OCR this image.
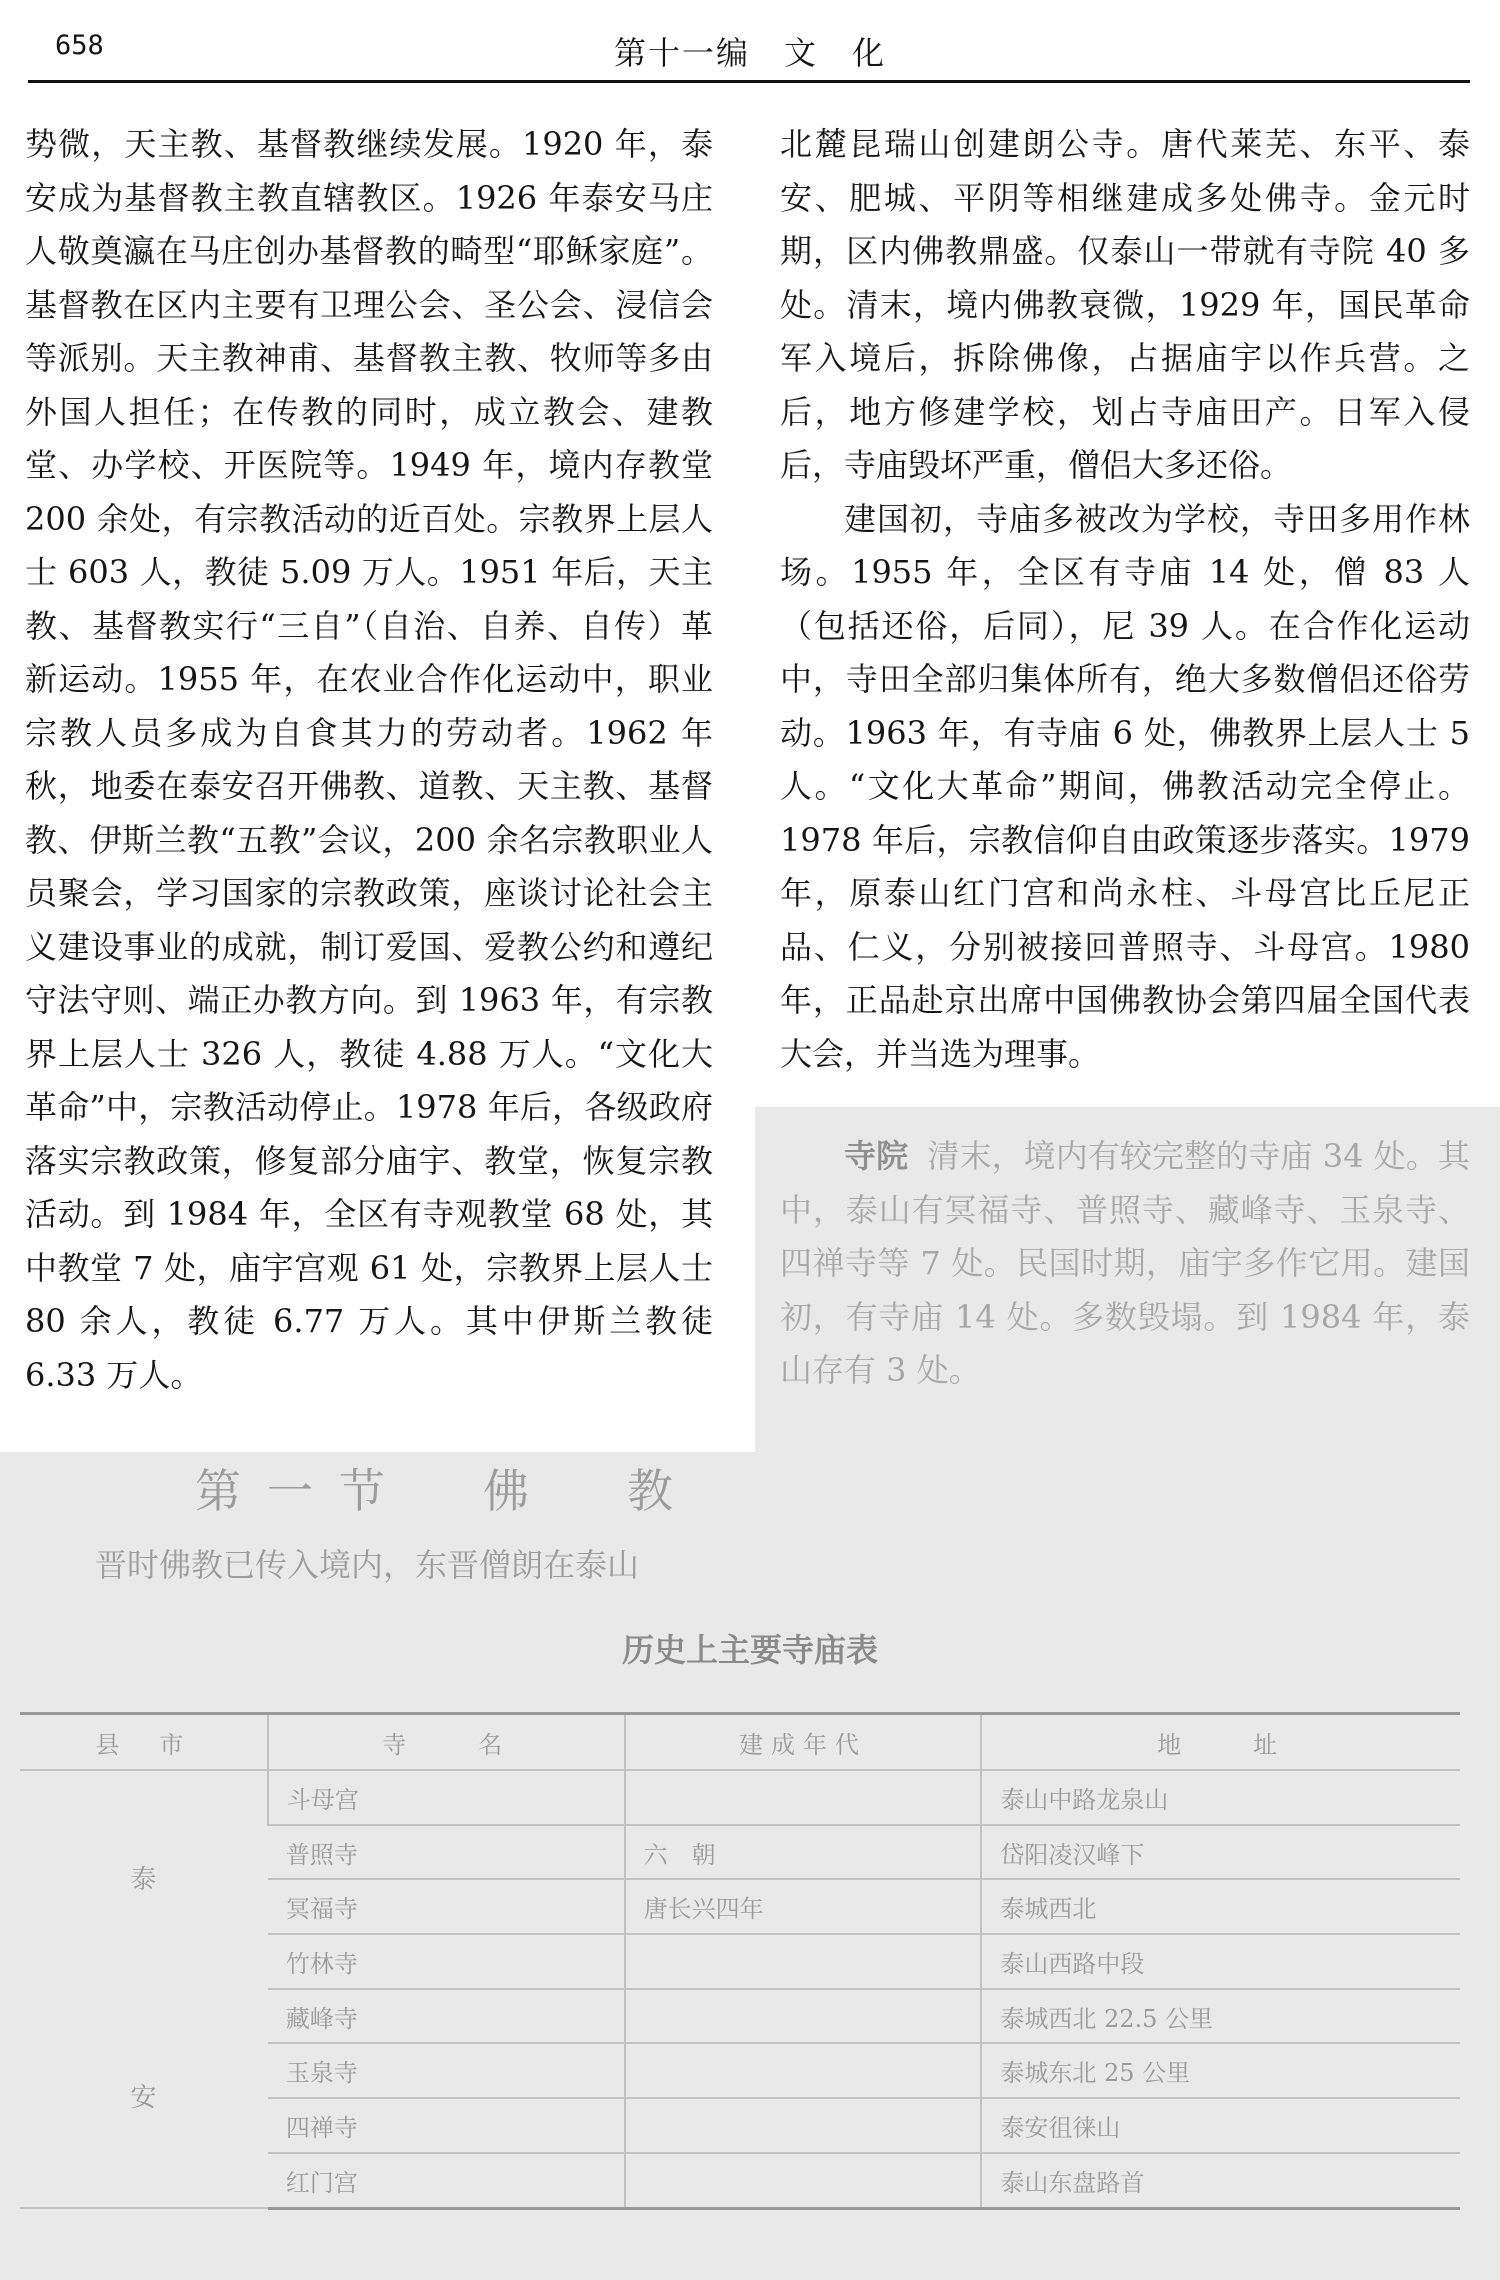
658	第十一编　文　化

势微，天主教、基督教继续发展。1920 年，泰安成为基督教主教直辖教区。1926 年泰安马庄人敬奠瀛在马庄创办基督教的畸型“耶稣家庭”。基督教在区内主要有卫理公会、圣公会、浸信会等派别。天主教神甫、基督教主教、牧师等多由外国人担任；在传教的同时，成立教会、建教堂、办学校、开医院等。1949 年，境内存教堂 200 余处，有宗教活动的近百处。宗教界上层人士 603 人，教徒 5.09 万人。1951 年后，天主教、基督教实行“三自”（自治、自养、自传）革新运动。1955 年，在农业合作化运动中，职业宗教人员多成为自食其力的劳动者。1962 年秋，地委在泰安召开佛教、道教、天主教、基督教、伊斯兰教“五教”会议，200 余名宗教职业人员聚会，学习国家的宗教政策，座谈讨论社会主义建设事业的成就，制订爱国、爱教公约和遵纪守法守则、端正办教方向。到 1963 年，有宗教界上层人士 326 人，教徒 4.88 万人。“文化大革命”中，宗教活动停止。1978 年后，各级政府落实宗教政策，修复部分庙宇、教堂，恢复宗教活动。到 1984 年，全区有寺观教堂 68 处，其中教堂 7 处，庙宇宫观 61 处，宗教界上层人士 80 余人，教徒 6.77 万人。其中伊斯兰教徒 6.33 万人。

北麓昆瑞山创建朗公寺。唐代莱芜、东平、泰安、肥城、平阴等相继建成多处佛寺。金元时期，区内佛教鼎盛。仅泰山一带就有寺院 40 多处。清末，境内佛教衰微，1929 年，国民革命军入境后，拆除佛像，占据庙宇以作兵营。之后，地方修建学校，划占寺庙田产。日军入侵后，寺庙毁坏严重，僧侣大多还俗。

建国初，寺庙多被改为学校，寺田多用作林场。1955 年，全区有寺庙 14 处，僧 83 人（包括还俗，后同），尼 39 人。在合作化运动中，寺田全部归集体所有，绝大多数僧侣还俗劳动。1963 年，有寺庙 6 处，佛教界上层人士 5 人。“文化大革命”期间，佛教活动完全停止。1978 年后，宗教信仰自由政策逐步落实。1979 年，原泰山红门宫和尚永柱、斗母宫比丘尼正品、仁义，分别被接回普照寺、斗母宫。1980 年，正品赴京出席中国佛教协会第四届全国代表大会，并当选为理事。

寺院 清末，境内有较完整的寺庙 34 处。其中，泰山有冥福寺、普照寺、藏峰寺、玉泉寺、四禅寺等 7 处。民国时期，庙宇多作它用。建国初，有寺庙 14 处。多数毁塌。到 1984 年，泰山存有 3 处。

第一节　佛　教
晋时佛教已传入境内，东晋僧朗在泰山
历史上主要寺庙表
县　市	寺　　名	建成年代	地　　址

泰
安	斗母宫		泰山中路龙泉山
	普照寺	六　朝	岱阳凌汉峰下
	冥福寺	唐长兴四年	泰城西北
	竹林寺		泰山西路中段
	藏峰寺		泰城西北 22.5 公里
	玉泉寺		泰城东北 25 公里
	四禅寺		泰安徂徕山
	红门宫		泰山东盘路首
